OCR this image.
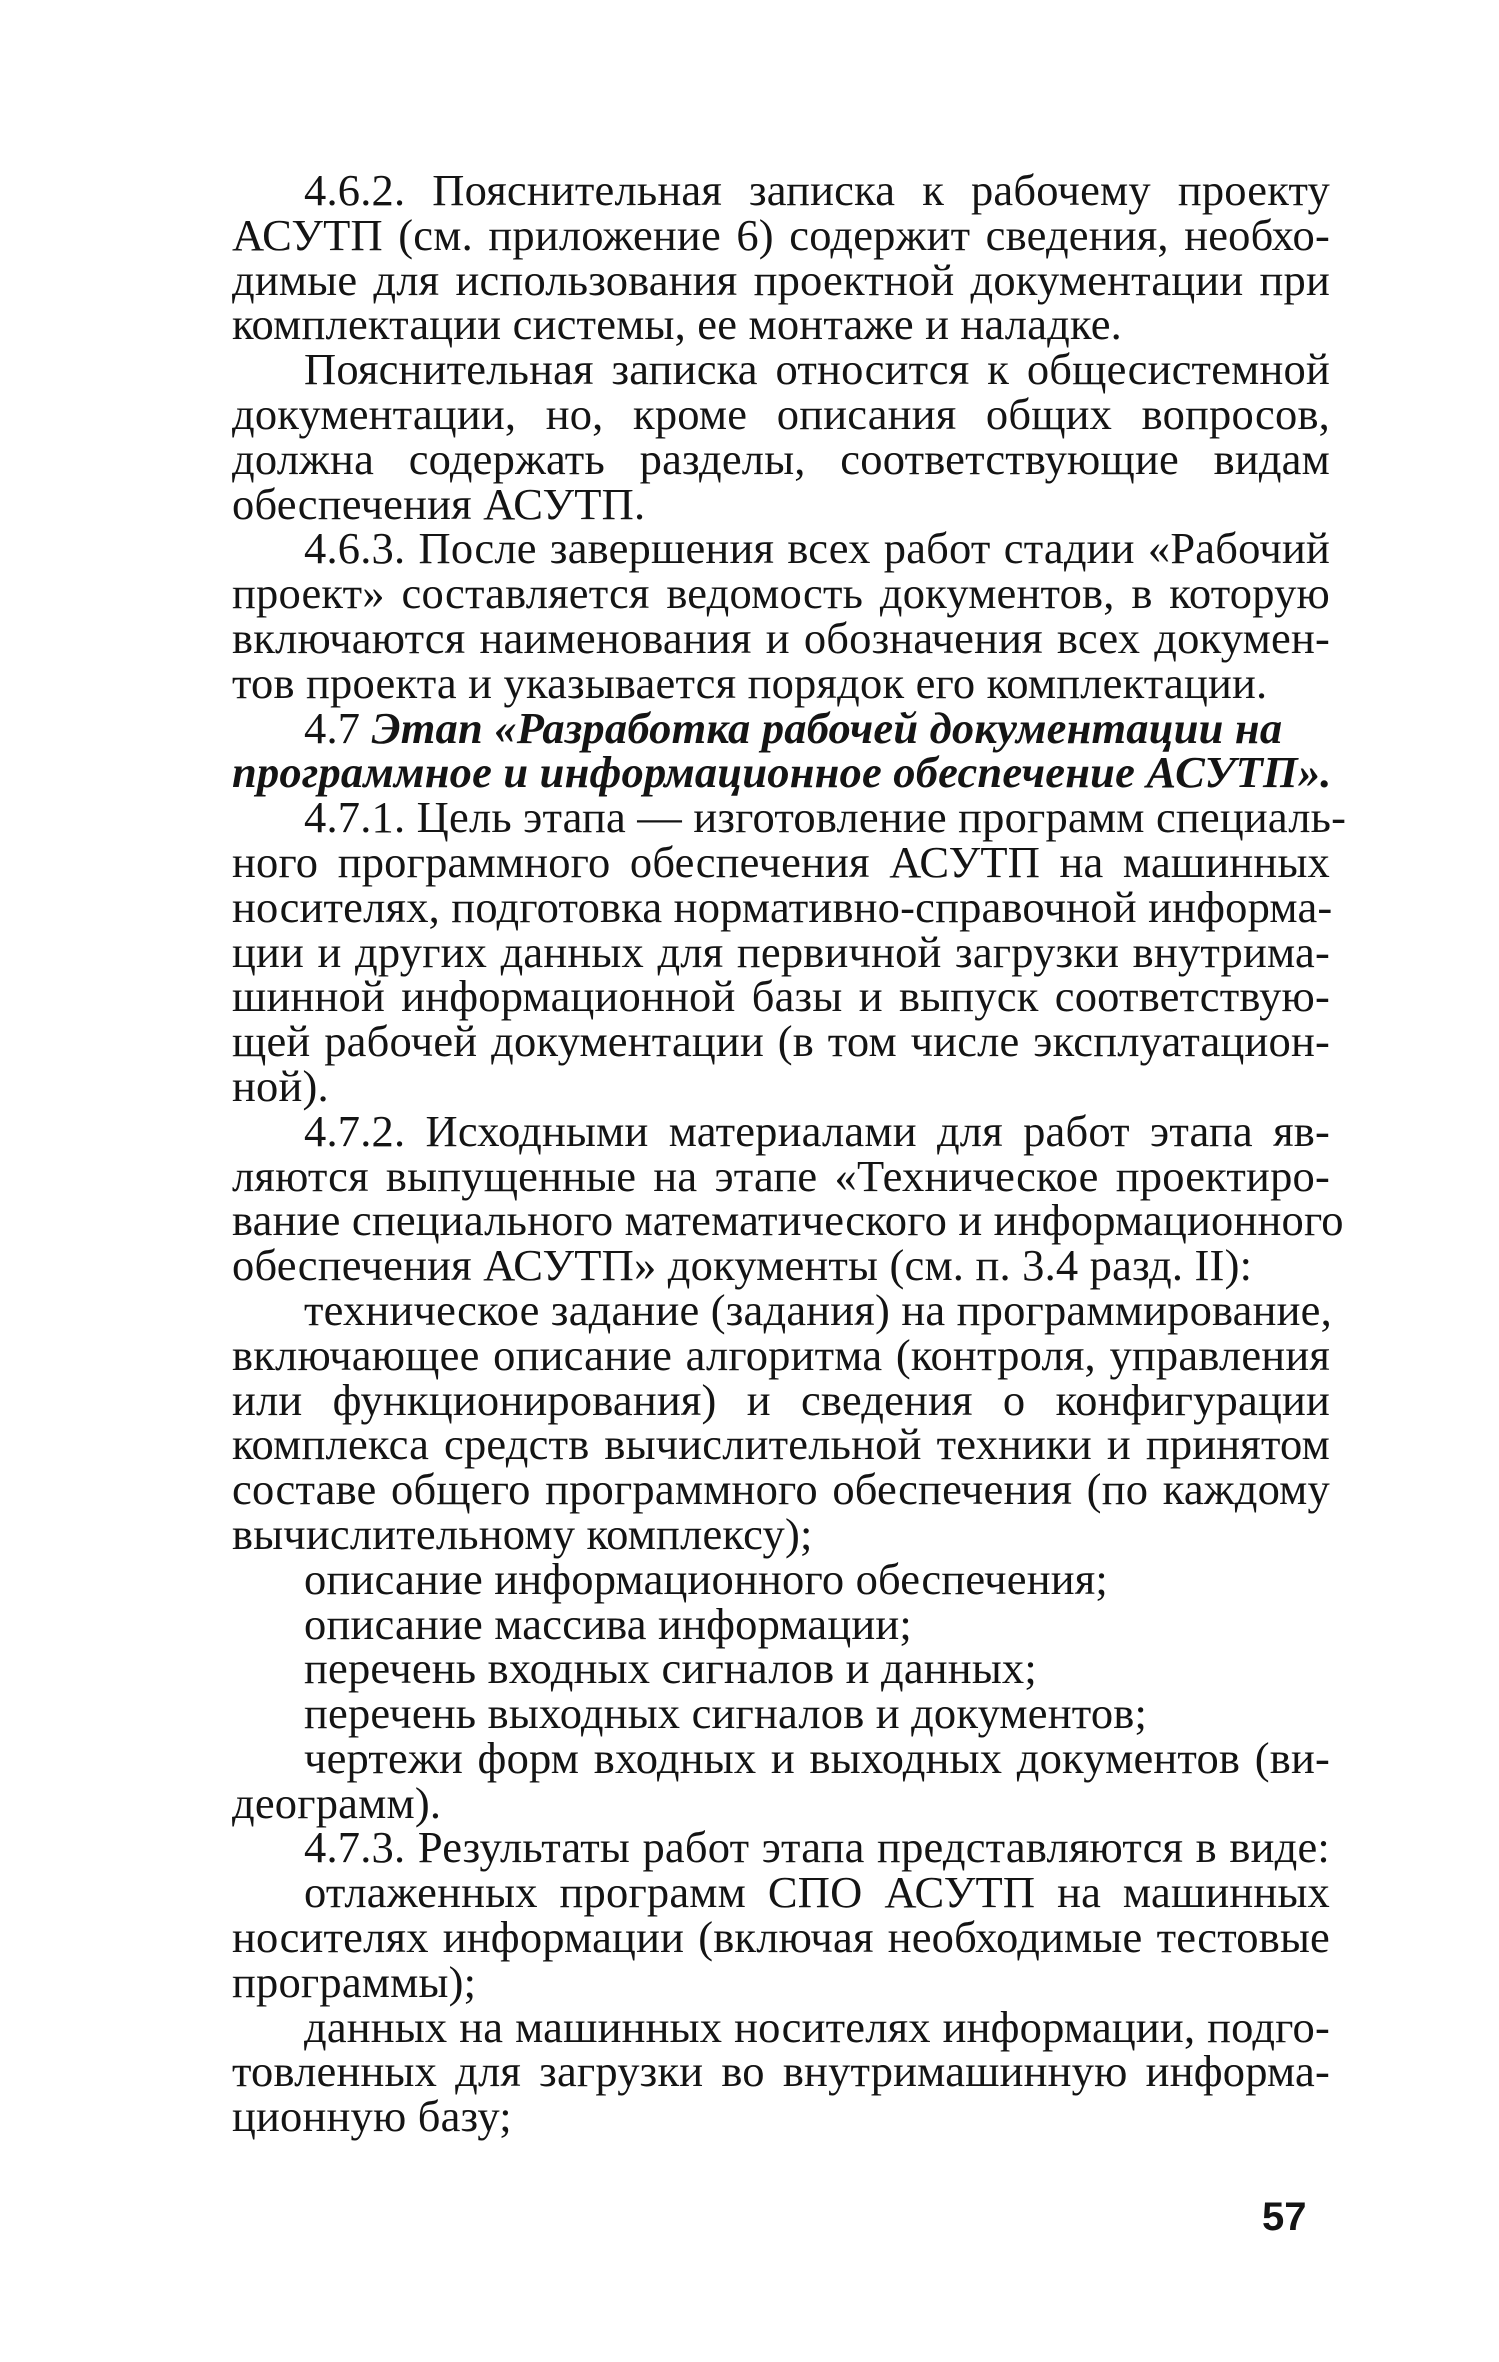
4.6.2. Пояснительная записка к рабочему проекту
АСУТП (см. приложение 6) содержит сведения, необхо-
димые для использования проектной документации при
комплектации системы, ее монтаже и наладке.

Пояснительная записка относится к общесистемной
документации, но, кроме описания общих вопросов,
должна содержать разделы, соответствующие видам
обеспечения АСУТП.

4.6.3. После завершения всех работ стадии «Рабочий
проект» составляется ведомость документов, в которую
включаются наименования и обозначения всех докумен-
тов проекта и указывается порядок его комплектации.

4.7 Этап «Разработка рабочей документации на
программное и информационное обеспечение АСУТП».

4.7.1. Цель этапа — изготовление программ специаль-
ного программного обеспечения АСУТП на машинных
носителях, подготовка нормативно-справочной информа-
ции и других данных для первичной загрузки внутрима-
шинной информационной базы и выпуск соответствую-
щей рабочей документации (в том числе эксплуатацион-
ной).

4.7.2. Исходными материалами для работ этапа яв-
ляются выпущенные на этапе «Техническое проектиро-
вание специального математического и информационного
обеспечения АСУТП» документы (см. п. 3.4 разд. II):

техническое задание (задания) на программирование,
включающее описание алгоритма (контроля, управления
или функционирования) и сведения о конфигурации
комплекса средств вычислительной техники и принятом
составе общего программного обеспечения (по каждому
вычислительному комплексу);

описание информационного обеспечения;

описание массива информации;

перечень входных сигналов и данных;

перечень выходных сигналов и документов;

чертежи форм входных и выходных документов (ви-
деограмм).

4.7.3. Результаты работ этапа представляются в виде:

отлаженных программ СПО АСУТП на машинных
носителях информации (включая необходимые тестовые
программы);

данных на машинных носителях информации, подго-
товленных для загрузки во внутримашинную информа-
ционную базу;

57
